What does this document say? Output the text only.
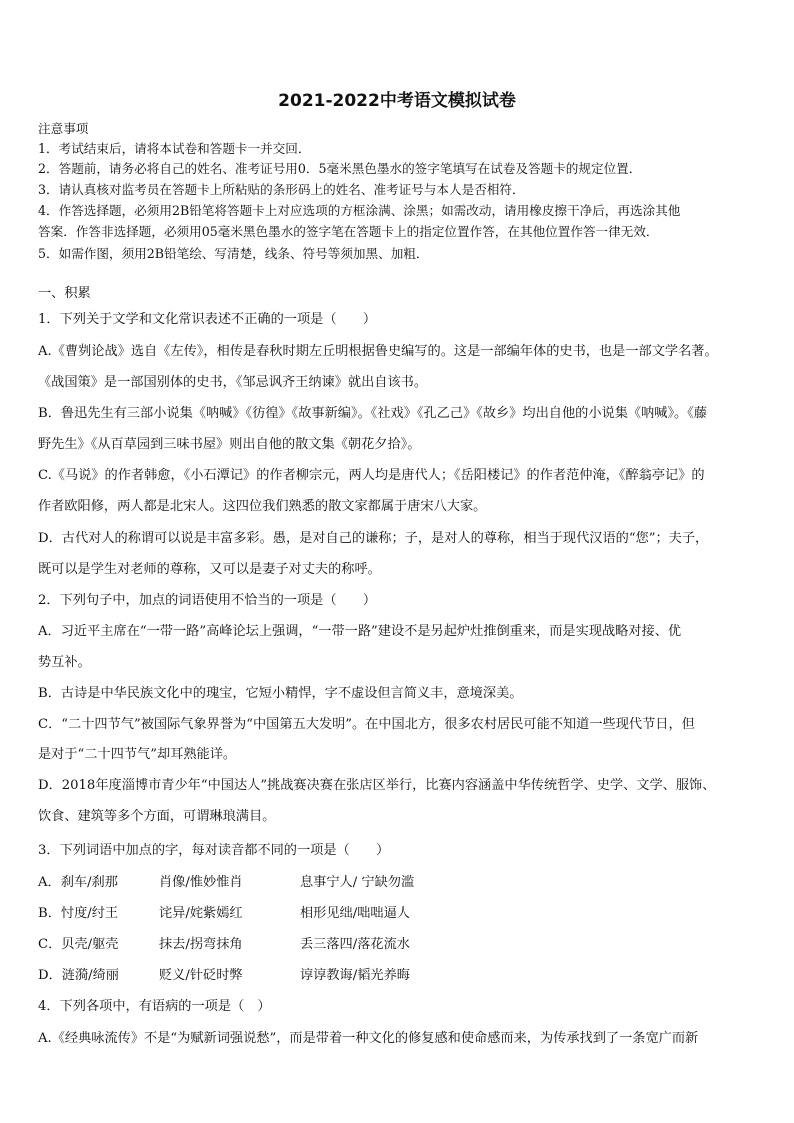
2021-2022中考语文模拟试卷
注意事项
1．考试结束后，请将本试卷和答题卡一并交回．
2．答题前，请务必将自己的姓名、准考证号用0．5毫米黑色墨水的签字笔填写在试卷及答题卡的规定位置．
3．请认真核对监考员在答题卡上所粘贴的条形码上的姓名、准考证号与本人是否相符．
4．作答选择题，必须用2B铅笔将答题卡上对应选项的方框涂满、涂黑；如需改动，请用橡皮擦干净后，再选涂其他
答案．作答非选择题，必须用05毫米黑色墨水的签字笔在答题卡上的指定位置作答，在其他位置作答一律无效．
5．如需作图，须用2B铅笔绘、写清楚，线条、符号等须加黑、加粗．
一、积累
1．下列关于文学和文化常识表述不正确的一项是（　　）
A.《曹刿论战》选自《左传》，相传是春秋时期左丘明根据鲁史编写的。这是一部编年体的史书，也是一部文学名著。
《战国策》是一部国别体的史书，《邹忌讽齐王纳谏》就出自该书。
B．鲁迅先生有三部小说集《呐喊》《彷徨》《故事新编》。《社戏》《孔乙己》《故乡》均出自他的小说集《呐喊》。《藤
野先生》《从百草园到三味书屋》则出自他的散文集《朝花夕拾》。
C.《马说》的作者韩愈，《小石潭记》的作者柳宗元，两人均是唐代人；《岳阳楼记》的作者范仲淹，《醉翁亭记》的
作者欧阳修，两人都是北宋人。这四位我们熟悉的散文家都属于唐宋八大家。
D．古代对人的称谓可以说是丰富多彩。愚，是对自己的谦称；子，是对人的尊称，相当于现代汉语的“您”；夫子，
既可以是学生对老师的尊称，又可以是妻子对丈夫的称呼。
2．下列句子中，加点的词语使用不恰当的一项是（　　）
A．习近平主席在“一带一路”高峰论坛上强调，“一带一路”建设不是另起炉灶推倒重来，而是实现战略对接、优
势互补。
B．古诗是中华民族文化中的瑰宝，它短小精悍，字不虚设但言简义丰，意境深美。
C．“二十四节气”被国际气象界誉为“中国第五大发明”。在中国北方，很多农村居民可能不知道一些现代节日，但
是对于“二十四节气”却耳熟能详。
D．2018年度淄博市青少年“中国达人”挑战赛决赛在张店区举行，比赛内容涵盖中华传统哲学、史学、文学、服饰、
饮食、建筑等多个方面，可谓琳琅满目。
3．下列词语中加点的字，每对读音都不同的一项是（　　）
A．刹车/刹那	肖像/惟妙惟肖	息事宁人/ 宁缺勿滥
B．忖度/纣王	诧异/姹紫嫣红	相形见绌/咄咄逼人
C．贝壳/躯壳	抹去/拐弯抹角	丢三落四/落花流水
D．涟漪/绮丽	贬义/针砭时弊	谆谆教诲/韬光养晦
4．下列各项中，有语病的一项是（　）
A.《经典咏流传》不是“为赋新词强说愁”，而是带着一种文化的修复感和使命感而来，为传承找到了一条宽广而新
